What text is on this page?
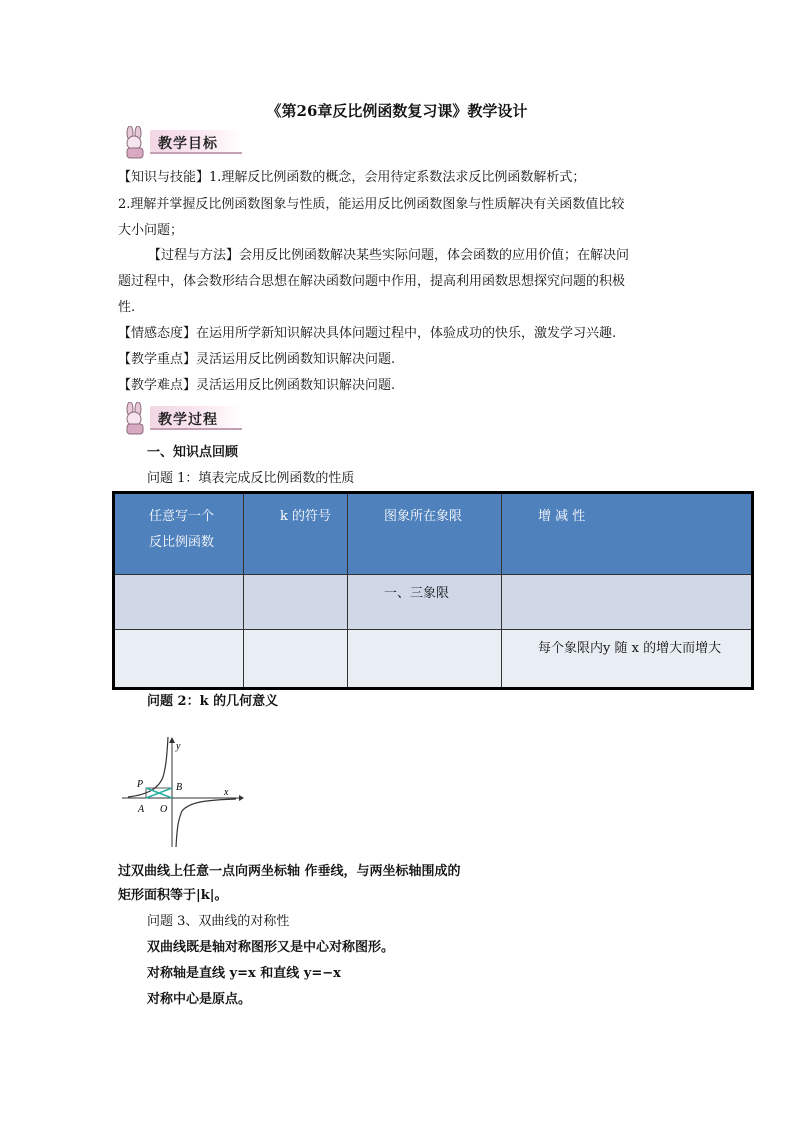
《第26章反比例函数复习课》教学设计
教学目标
【知识与技能】1.理解反比例函数的概念，会用待定系数法求反比例函数解析式；
2.理解并掌握反比例函数图象与性质，能运用反比例函数图象与性质解决有关函数值比较
大小问题；
【过程与方法】会用反比例函数解决某些实际问题，体会函数的应用价值；在解决问
题过程中，体会数形结合思想在解决函数问题中作用，提高利用函数思想探究问题的积极
性.
【情感态度】在运用所学新知识解决具体问题过程中，体验成功的快乐，激发学习兴趣.
【教学重点】灵活运用反比例函数知识解决问题.
【教学难点】灵活运用反比例函数知识解决问题.
教学过程
一、知识点回顾
问题 1：填表完成反比例函数的性质
任意写一个
反比例函数	k 的符号	图象所在象限	增 减 性

		一、三象限	

			每个象限内y 随 x 的增大而增大
问题 2：k 的几何意义
y
x
P	B
A O
过双曲线上任意一点向两坐标轴 作垂线，与两坐标轴围成的
矩形面积等于|k|。
问题 3、双曲线的对称性
双曲线既是轴对称图形又是中心对称图形。
对称轴是直线 y=x 和直线 y=−x
对称中心是原点。
